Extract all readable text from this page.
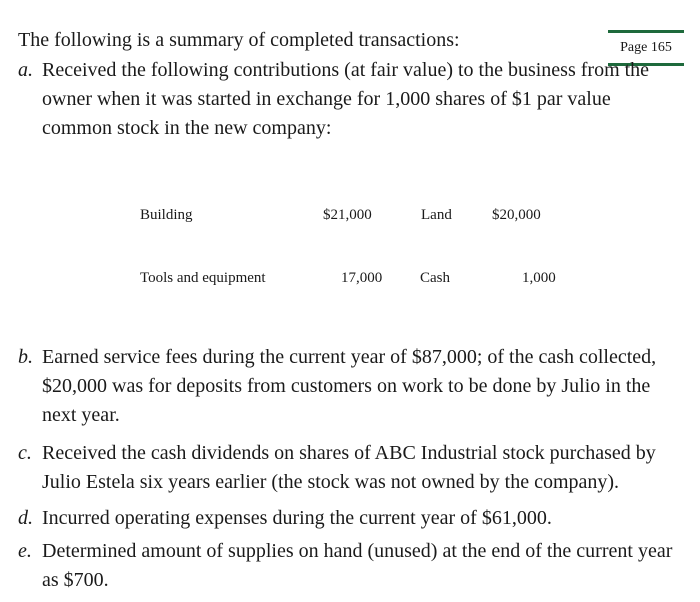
The following is a summary of completed transactions:	Page 165
a. Received the following contributions (at fair value) to the business from the owner when it was started in exchange for 1,000 shares of $1 par value common stock in the new company:
Building	$21,000	Land	$20,000
Tools and equipment	17,000	Cash	1,000
b. Earned service fees during the current year of $87,000; of the cash collected, $20,000 was for deposits from customers on work to be done by Julio in the next year.
c. Received the cash dividends on shares of ABC Industrial stock purchased by Julio Estela six years earlier (the stock was not owned by the company).
d. Incurred operating expenses during the current year of $61,000.
e. Determined amount of supplies on hand (unused) at the end of the current year as $700.
